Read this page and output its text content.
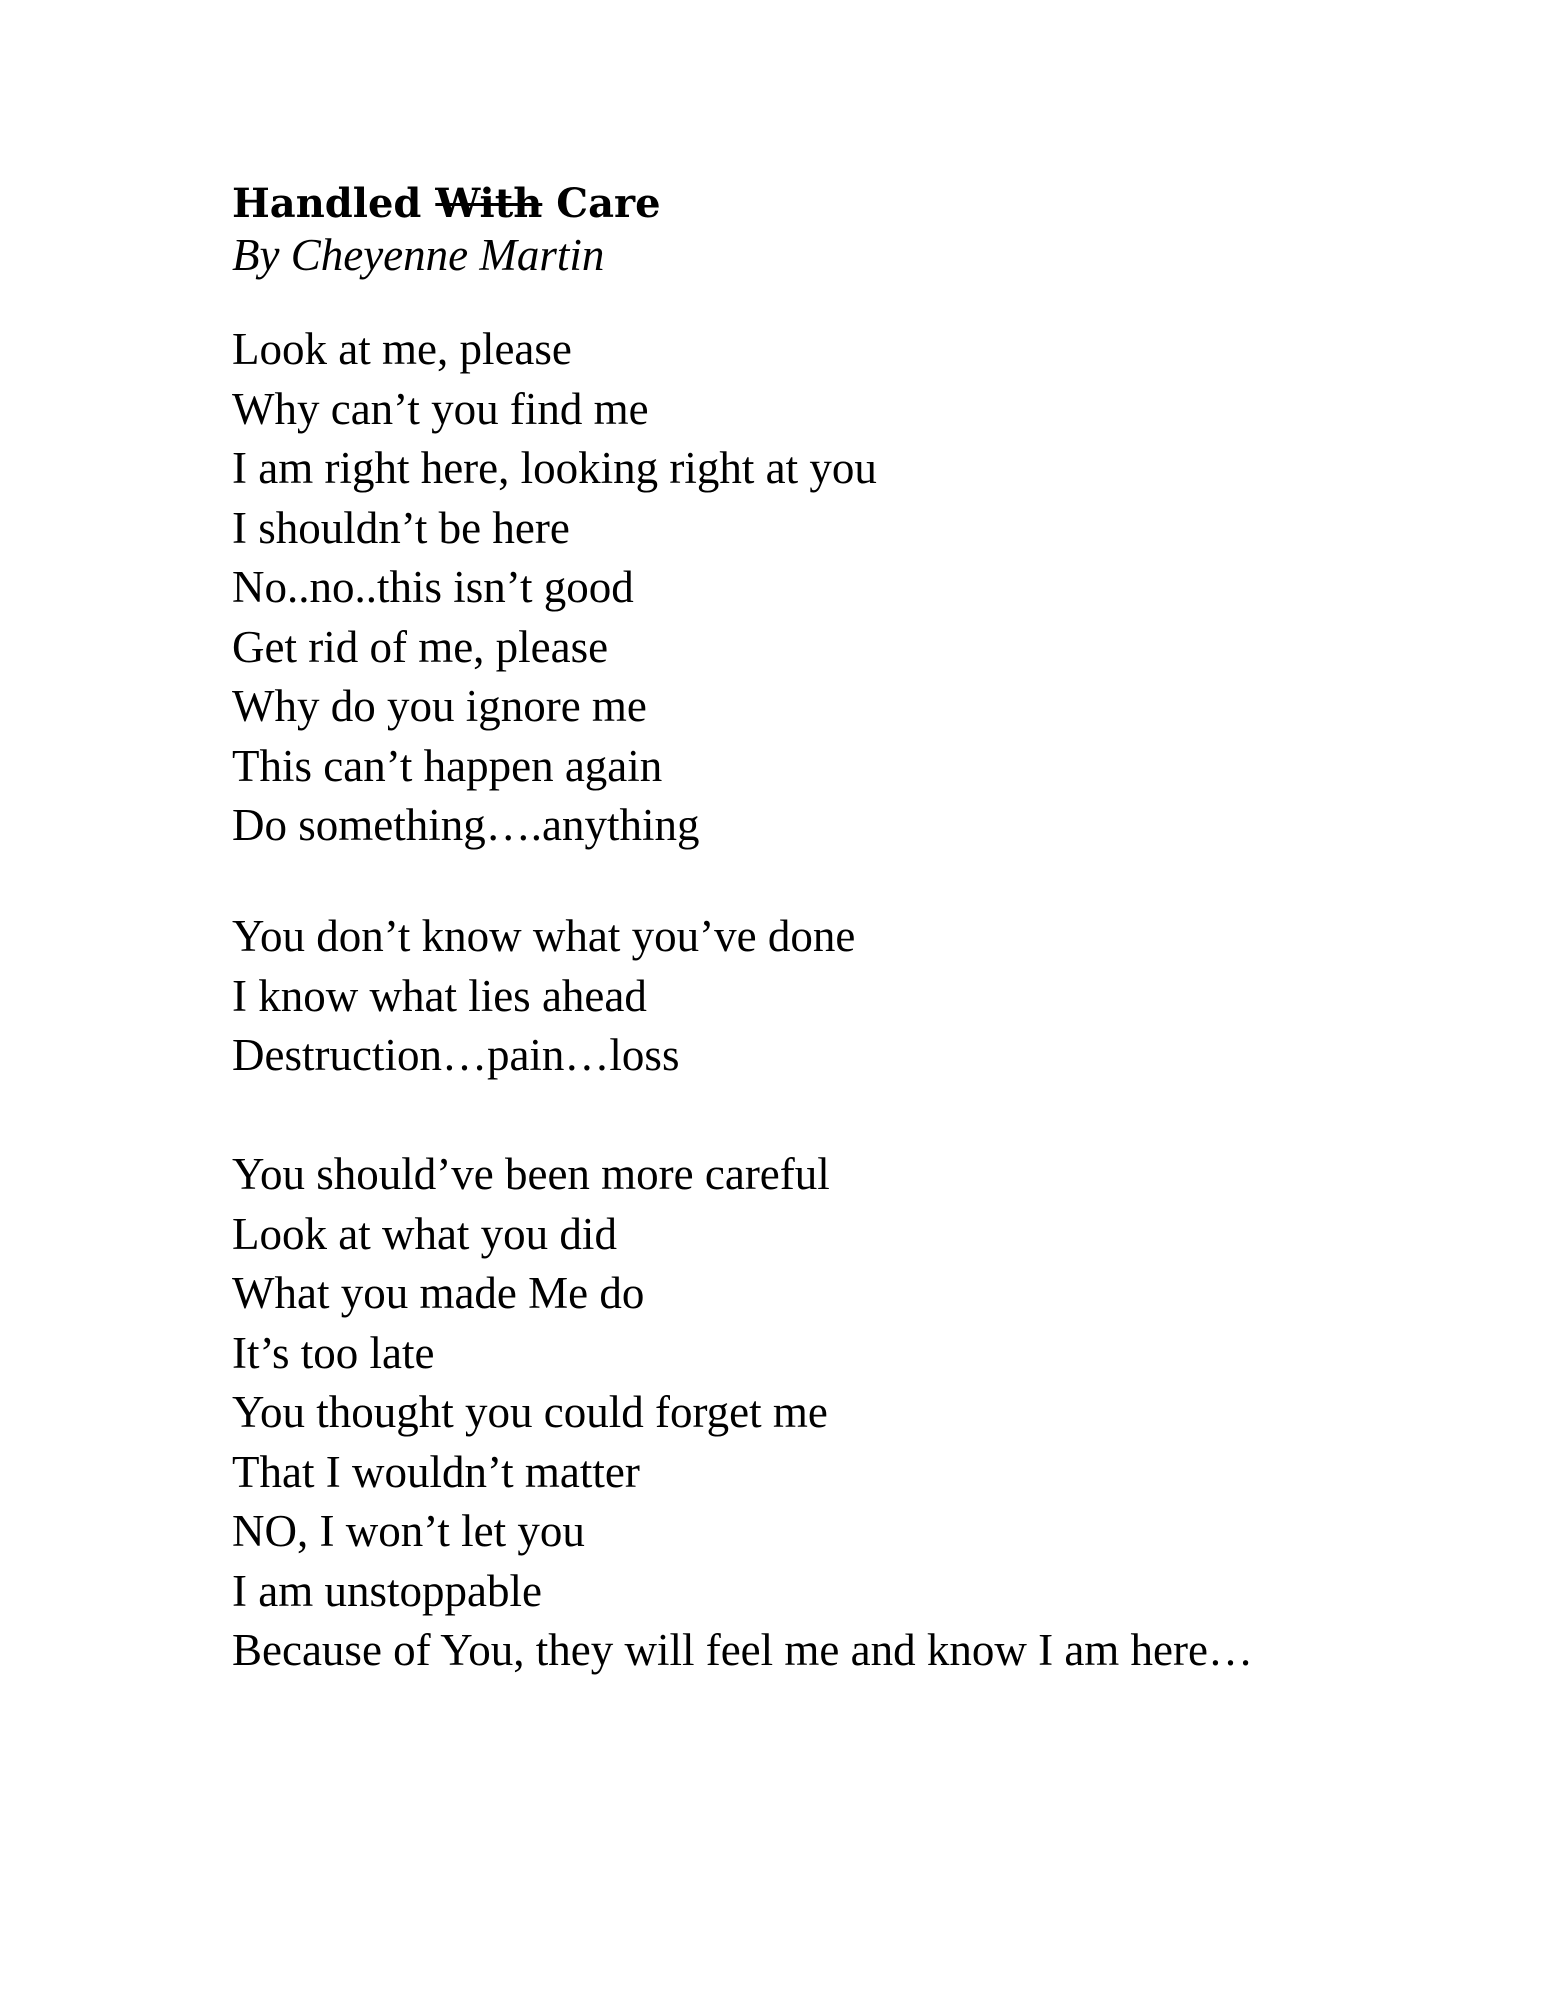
Handled With Care
By Cheyenne Martin
Look at me, please
Why can’t you find me
I am right here, looking right at you
I shouldn’t be here
No..no..this isn’t good
Get rid of me, please
Why do you ignore me
This can’t happen again
Do something….anything
You don’t know what you’ve done
I know what lies ahead
Destruction…pain…loss
You should’ve been more careful
Look at what you did
What you made Me do
It’s too late
You thought you could forget me
That I wouldn’t matter
NO, I won’t let you
I am unstoppable
Because of You, they will feel me and know I am here…
